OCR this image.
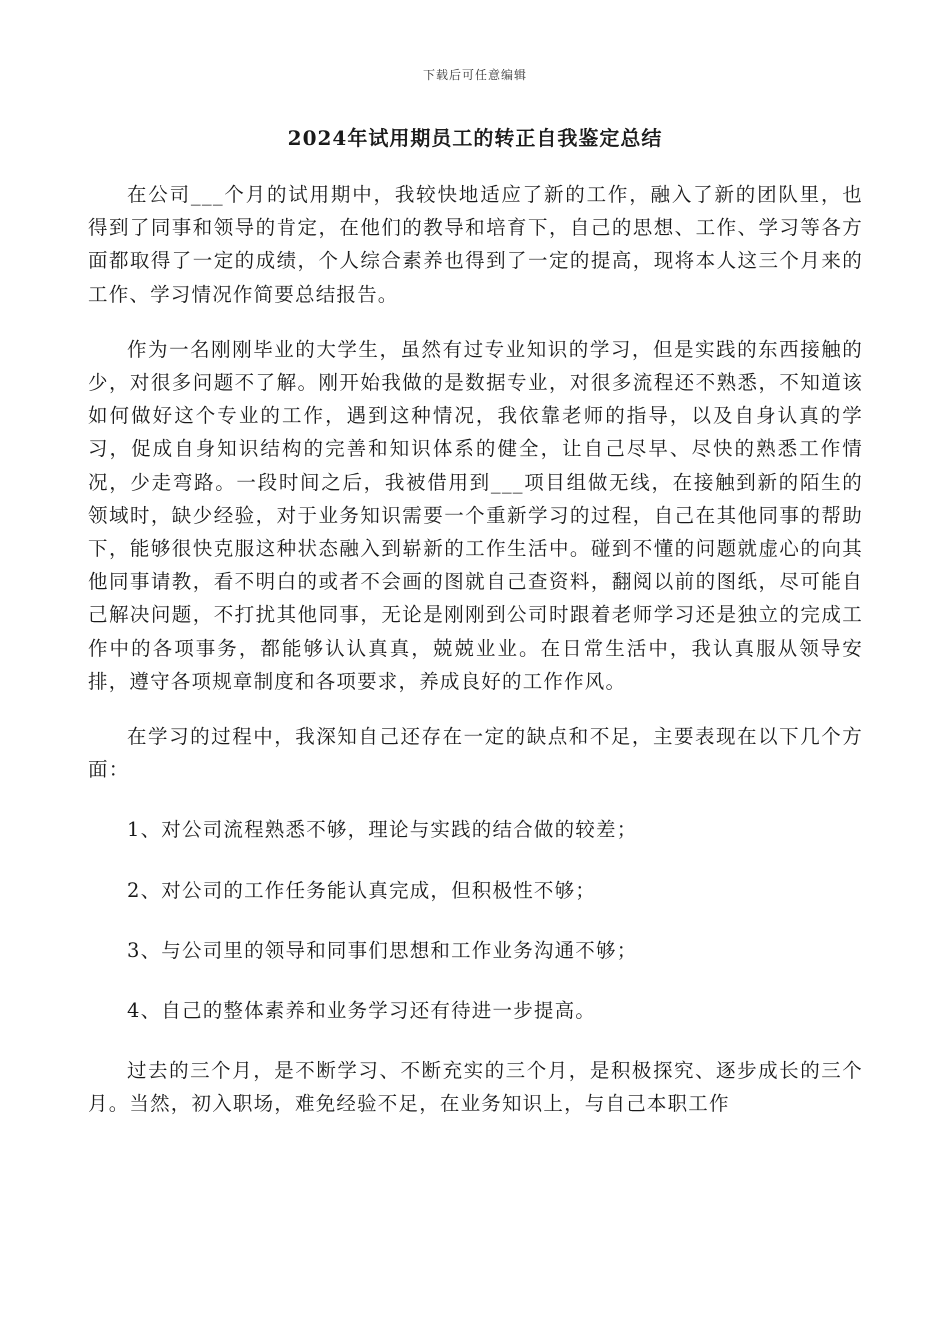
下载后可任意编辑
2024年试用期员工的转正自我鉴定总结

在公司___个月的试用期中，我较快地适应了新的工作，融入了新的团队里，也得到了同事和领导的肯定，在他们的教导和培育下，自己的思想、工作、学习等各方面都取得了一定的成绩，个人综合素养也得到了一定的提高，现将本人这三个月来的工作、学习情况作简要总结报告。

作为一名刚刚毕业的大学生，虽然有过专业知识的学习，但是实践的东西接触的少，对很多问题不了解。刚开始我做的是数据专业，对很多流程还不熟悉，不知道该如何做好这个专业的工作，遇到这种情况，我依靠老师的指导，以及自身认真的学习，促成自身知识结构的完善和知识体系的健全，让自己尽早、尽快的熟悉工作情况，少走弯路。一段时间之后，我被借用到___项目组做无线，在接触到新的陌生的领域时，缺少经验，对于业务知识需要一个重新学习的过程，自己在其他同事的帮助下，能够很快克服这种状态融入到崭新的工作生活中。碰到不懂的问题就虚心的向其他同事请教，看不明白的或者不会画的图就自己查资料，翻阅以前的图纸，尽可能自己解决问题，不打扰其他同事，无论是刚刚到公司时跟着老师学习还是独立的完成工作中的各项事务，都能够认认真真，兢兢业业。在日常生活中，我认真服从领导安排，遵守各项规章制度和各项要求，养成良好的工作作风。

在学习的过程中，我深知自己还存在一定的缺点和不足，主要表现在以下几个方面：

1、对公司流程熟悉不够，理论与实践的结合做的较差；

2、对公司的工作任务能认真完成，但积极性不够；

3、与公司里的领导和同事们思想和工作业务沟通不够；

4、自己的整体素养和业务学习还有待进一步提高。

过去的三个月，是不断学习、不断充实的三个月，是积极探究、逐步成长的三个月。当然，初入职场，难免经验不足，在业务知识上，与自己本职工作
